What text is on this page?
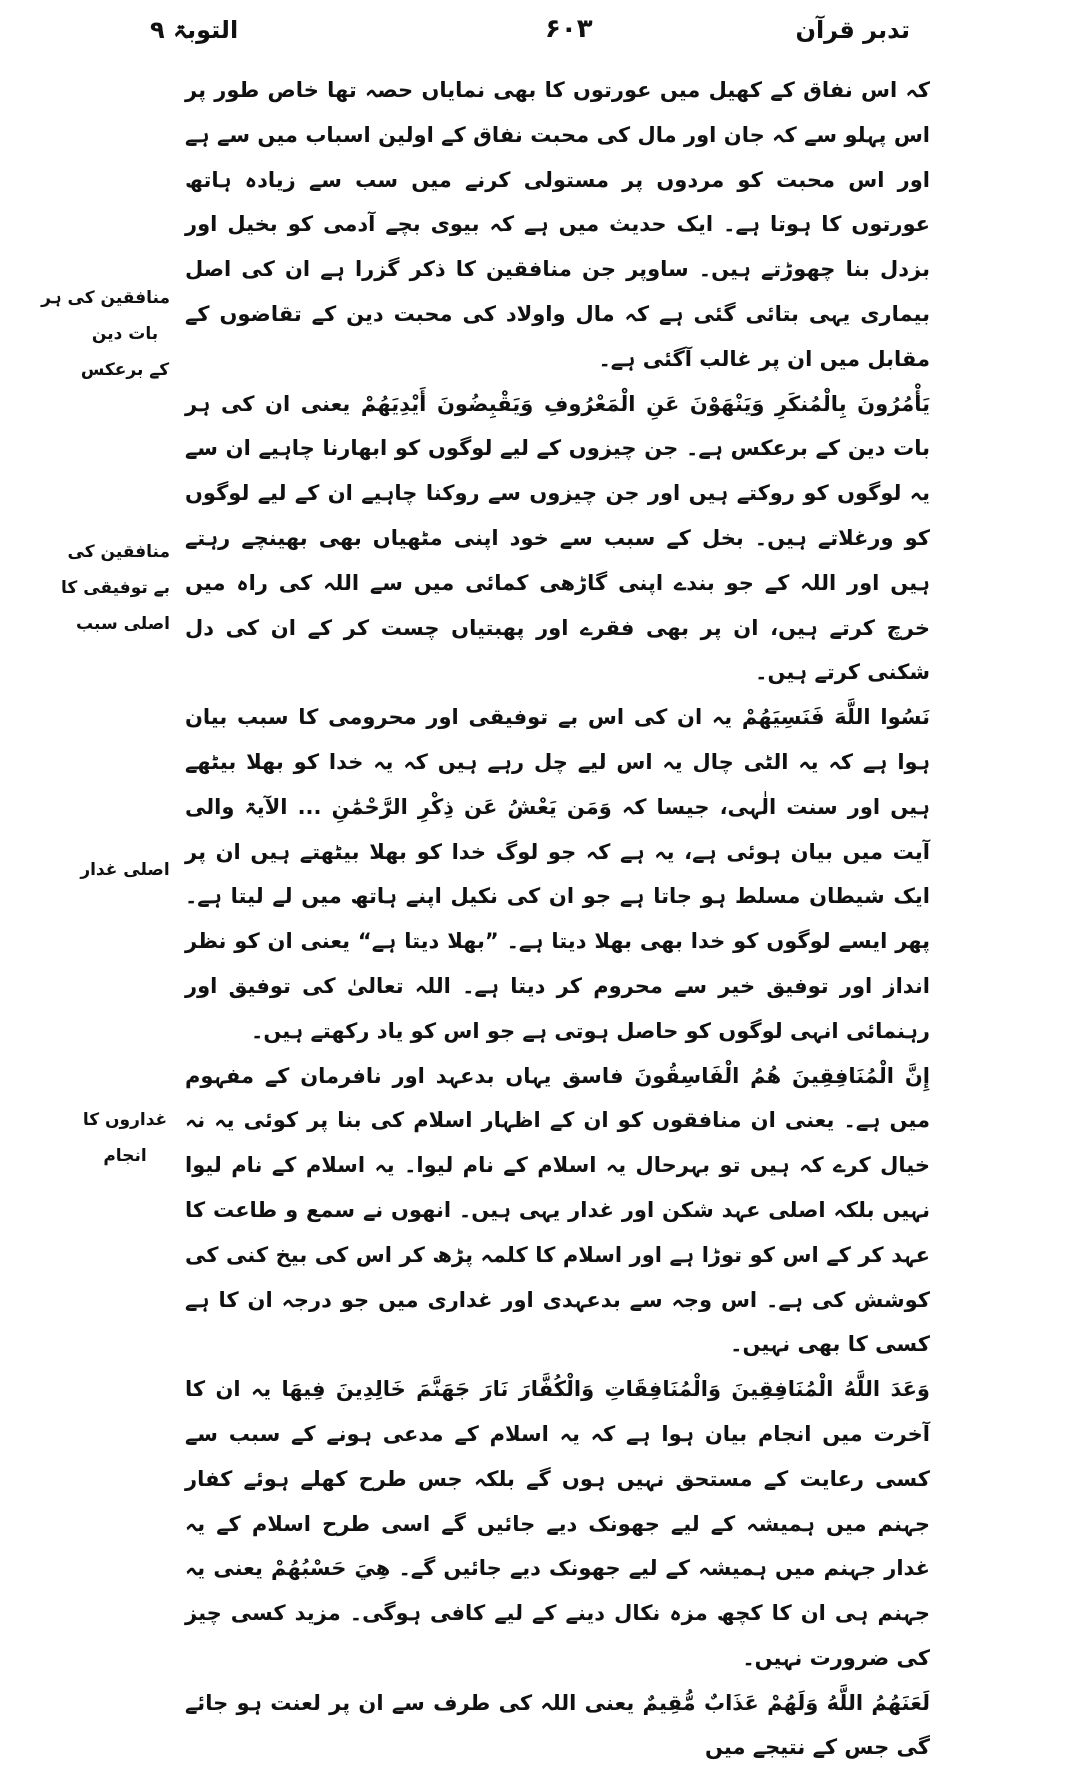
التوبۃ ۹	۶۰۳	تدبر قرآن

کہ اس نفاق کے کھیل میں عورتوں کا بھی نمایاں حصہ تھا خاص طور پر اس پہلو سے کہ جان اور مال کی محبت نفاق کے اولین اسباب میں سے ہے اور اس محبت کو مردوں پر مستولی کرنے میں سب سے زیادہ ہاتھ عورتوں کا ہوتا ہے۔ ایک حدیث میں ہے کہ بیوی بچے آدمی کو بخیل اور بزدل بنا چھوڑتے ہیں۔ ساوپر جن منافقین کا ذکر گزرا ہے ان کی اصل بیماری یہی بتائی گئی ہے کہ مال واولاد کی محبت دین کے تقاضوں کے مقابل میں ان پر غالب آگئی ہے۔

یَأْمُرُونَ بِالْمُنكَرِ وَيَنْهَوْنَ عَنِ الْمَعْرُوفِ وَيَقْبِضُونَ أَيْدِيَهُمْ یعنی ان کی ہر بات دین کے برعکس ہے۔ جن چیزوں کے لیے لوگوں کو ابھارنا چاہیے ان سے یہ لوگوں کو روکتے ہیں اور جن چیزوں سے روکنا چاہیے ان کے لیے لوگوں کو ورغلاتے ہیں۔ بخل کے سبب سے خود اپنی مٹھیاں بھی بھینچے رہتے ہیں اور اللہ کے جو بندے اپنی گاڑھی کمائی میں سے اللہ کی راہ میں خرچ کرتے ہیں، ان پر بھی فقرے اور پھبتیاں چست کر کے ان کی دل شکنی کرتے ہیں۔

نَسُوا اللَّهَ فَنَسِيَهُمْ یہ ان کی اس بے توفیقی اور محرومی کا سبب بیان ہوا ہے کہ یہ الٹی چال یہ اس لیے چل رہے ہیں کہ یہ خدا کو بھلا بیٹھے ہیں اور سنت الٰہی، جیسا کہ وَمَن يَعْشُ عَن ذِكْرِ الرَّحْمَٰنِ ... الآیۃ والی آیت میں بیان ہوئی ہے، یہ ہے کہ جو لوگ خدا کو بھلا بیٹھتے ہیں ان پر ایک شیطان مسلط ہو جاتا ہے جو ان کی نکیل اپنے ہاتھ میں لے لیتا ہے۔ پھر ایسے لوگوں کو خدا بھی بھلا دیتا ہے۔ ”بھلا دیتا ہے“ یعنی ان کو نظر انداز اور توفیق خیر سے محروم کر دیتا ہے۔ اللہ تعالیٰ کی توفیق اور رہنمائی انہی لوگوں کو حاصل ہوتی ہے جو اس کو یاد رکھتے ہیں۔

إِنَّ الْمُنَافِقِينَ هُمُ الْفَاسِقُونَ فاسق یہاں بدعہد اور نافرمان کے مفہوم میں ہے۔ یعنی ان منافقوں کو ان کے اظہار اسلام کی بنا پر کوئی یہ نہ خیال کرے کہ ہیں تو بہرحال یہ اسلام کے نام لیوا۔ یہ اسلام کے نام لیوا نہیں بلکہ اصلی عہد شکن اور غدار یہی ہیں۔ انھوں نے سمع و طاعت کا عہد کر کے اس کو توڑا ہے اور اسلام کا کلمہ پڑھ کر اس کی بیخ کنی کی کوشش کی ہے۔ اس وجہ سے بدعہدی اور غداری میں جو درجہ ان کا ہے کسی کا بھی نہیں۔

وَعَدَ اللَّهُ الْمُنَافِقِينَ وَالْمُنَافِقَاتِ وَالْكُفَّارَ نَارَ جَهَنَّمَ خَالِدِينَ فِيهَا یہ ان کا آخرت میں انجام بیان ہوا ہے کہ یہ اسلام کے مدعی ہونے کے سبب سے کسی رعایت کے مستحق نہیں ہوں گے بلکہ جس طرح کھلے ہوئے کفار جہنم میں ہمیشہ کے لیے جھونک دیے جائیں گے اسی طرح اسلام کے یہ غدار جہنم میں ہمیشہ کے لیے جھونک دیے جائیں گے۔ هِيَ حَسْبُهُمْ یعنی یہ جہنم ہی ان کا کچھ مزہ نکال دینے کے لیے کافی ہوگی۔ مزید کسی چیز کی ضرورت نہیں۔

لَعَنَهُمُ اللَّهُ وَلَهُمْ عَذَابٌ مُّقِيمٌ یعنی اللہ کی طرف سے ان پر لعنت ہو جائے گی جس کے نتیجے میں

منافقین کی ہر
بات دین
کے برعکس
منافقین کی
بے توفیقی کا
اصلی سبب
اصلی غدار
غداروں کا
انجام
